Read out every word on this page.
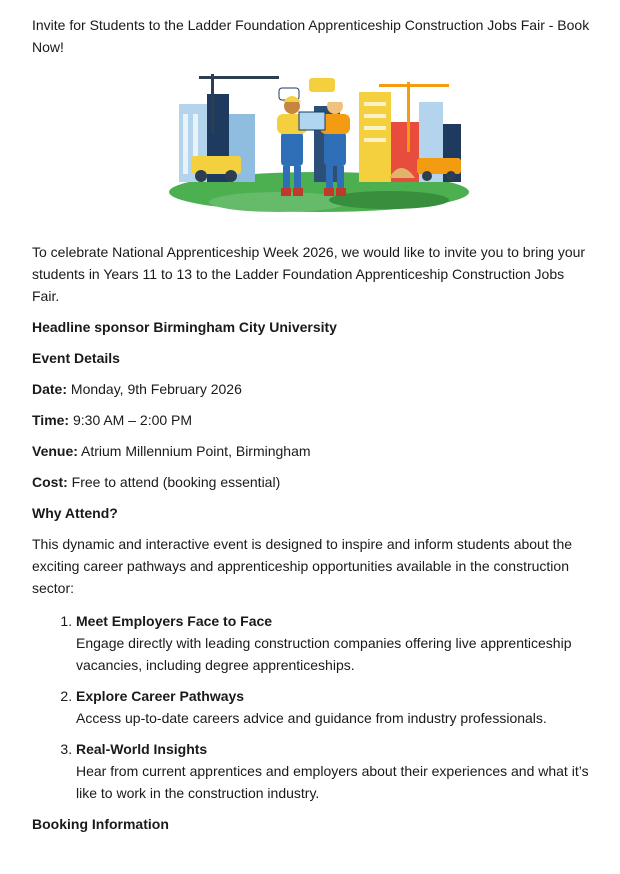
Invite for Students to the Ladder Foundation Apprenticeship Construction Jobs Fair - Book Now!

To celebrate National Apprenticeship Week 2026, we would like to invite you to bring your students in Years 11 to 13 to the Ladder Foundation Apprenticeship Construction Jobs Fair.

Headline sponsor Birmingham City University

Event Details

Date: Monday, 9th February 2026

Time: 9:30 AM – 2:00 PM

Venue: Atrium Millennium Point, Birmingham

Cost: Free to attend (booking essential)

Why Attend?

This dynamic and interactive event is designed to inspire and inform students about the exciting career pathways and apprenticeship opportunities available in the construction sector:

1. Meet Employers Face to Face
Engage directly with leading construction companies offering live apprenticeship vacancies, including degree apprenticeships.
2. Explore Career Pathways
Access up-to-date careers advice and guidance from industry professionals.
3. Real-World Insights
Hear from current apprentices and employers about their experiences and what it’s like to work in the construction industry.

Booking Information
